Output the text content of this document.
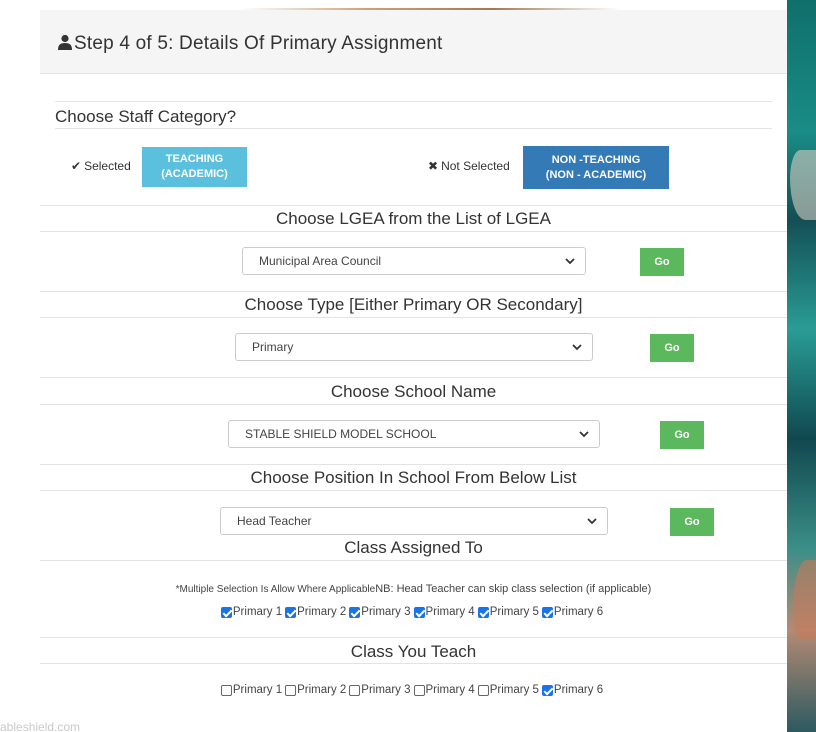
ableshield.com
Step 4 of 5: Details Of Primary Assignment
Choose Staff Category?
✔ Selected	TEACHING
(ACADEMIC)
✖ Not Selected	NON -TEACHING
(NON - ACADEMIC)
Choose LGEA from the List of LGEA
Municipal Area Council	Go
Choose Type [Either Primary OR Secondary]
Primary	Go
Choose School Name
STABLE SHIELD MODEL SCHOOL	Go
Choose Position In School From Below List
Head Teacher	Go
Class Assigned To
*Multiple Selection Is Allow Where ApplicableNB: Head Teacher can skip class selection (if applicable)
Primary 1 Primary 2 Primary 3 Primary 4 Primary 5 Primary 6
Class You Teach
Primary 1 Primary 2 Primary 3 Primary 4 Primary 5 Primary 6
